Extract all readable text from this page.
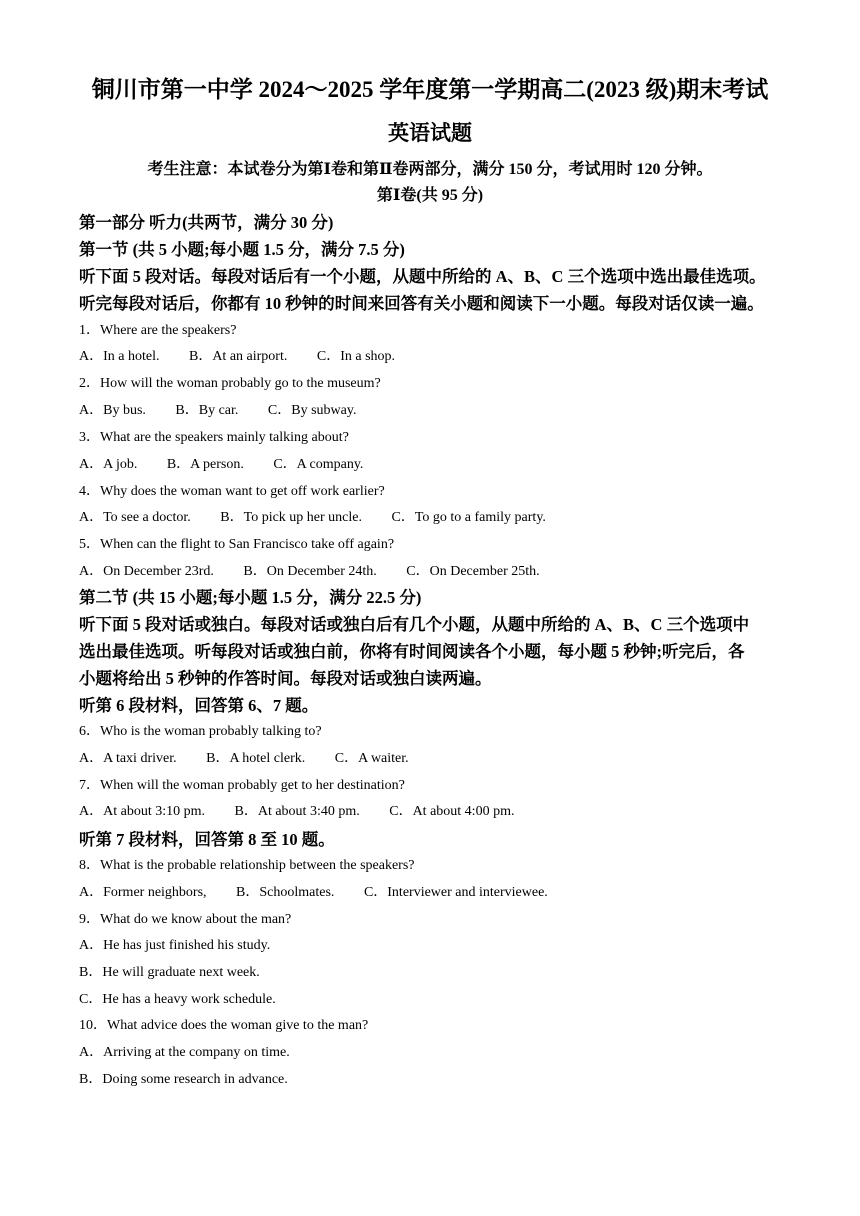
铜川市第一中学 2024～2025 学年度第一学期高二(2023 级)期末考试
英语试题
考生注意：本试卷分为第Ⅰ卷和第Ⅱ卷两部分，满分 150 分，考试用时 120 分钟。
第Ⅰ卷(共 95 分)
第一部分 听力(共两节，满分 30 分)
第一节 (共 5 小题;每小题 1.5 分，满分 7.5 分)
听下面 5 段对话。每段对话后有一个小题，从题中所给的 A、B、C 三个选项中选出最佳选项。
听完每段对话后，你都有 10 秒钟的时间来回答有关小题和阅读下一小题。每段对话仅读一遍。
1．Where are the speakers?
A．In a hotel. B．At an airport. C．In a shop.
2．How will the woman probably go to the museum?
A．By bus. B．By car. C．By subway.
3．What are the speakers mainly talking about?
A．A job. B．A person. C．A company.
4．Why does the woman want to get off work earlier?
A．To see a doctor. B．To pick up her uncle. C．To go to a family party.
5．When can the flight to San Francisco take off again?
A．On December 23rd. B．On December 24th. C．On December 25th.
第二节 (共 15 小题;每小题 1.5 分，满分 22.5 分)
听下面 5 段对话或独白。每段对话或独白后有几个小题，从题中所给的 A、B、C 三个选项中
选出最佳选项。听每段对话或独白前，你将有时间阅读各个小题，每小题 5 秒钟;听完后，各
小题将给出 5 秒钟的作答时间。每段对话或独白读两遍。
听第 6 段材料，回答第 6、7 题。
6．Who is the woman probably talking to?
A．A taxi driver. B．A hotel clerk. C．A waiter.
7．When will the woman probably get to her destination?
A．At about 3:10 pm. B．At about 3:40 pm. C．At about 4:00 pm.
听第 7 段材料，回答第 8 至 10 题。
8．What is the probable relationship between the speakers?
A．Former neighbors, B．Schoolmates. C．Interviewer and interviewee.
9．What do we know about the man?
A．He has just finished his study.
B．He will graduate next week.
C．He has a heavy work schedule.
10．What advice does the woman give to the man?
A．Arriving at the company on time.
B．Doing some research in advance.
